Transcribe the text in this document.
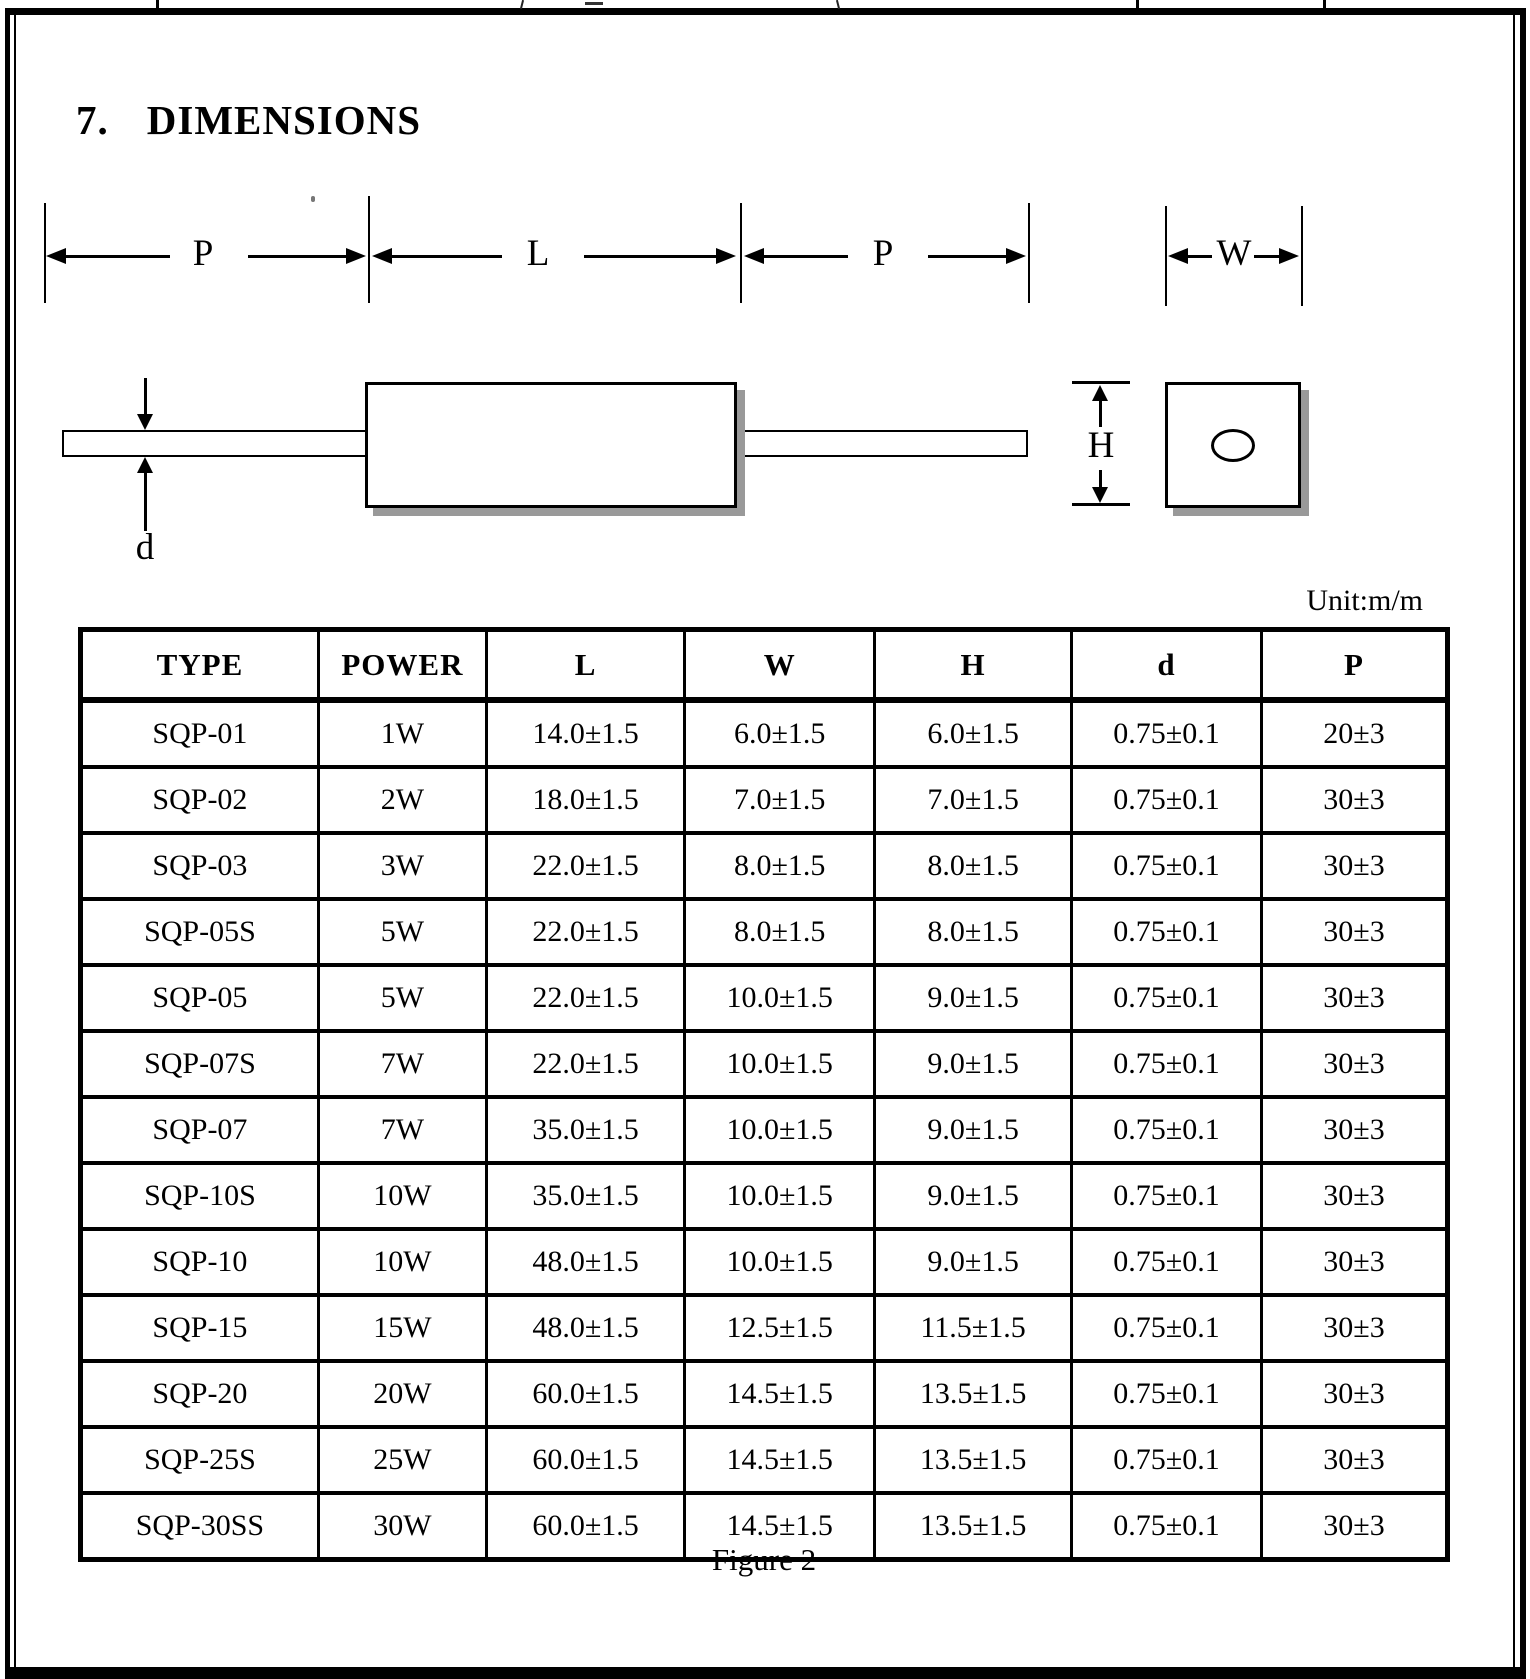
7. DIMENSIONS
P	L	P	W
d
H
Unit:m/m
TYPE	POWER	L	W	H	d	P
SQP-01	1W	14.0±1.5	6.0±1.5	6.0±1.5	0.75±0.1	20±3
SQP-02	2W	18.0±1.5	7.0±1.5	7.0±1.5	0.75±0.1	30±3
SQP-03	3W	22.0±1.5	8.0±1.5	8.0±1.5	0.75±0.1	30±3
SQP-05S	5W	22.0±1.5	8.0±1.5	8.0±1.5	0.75±0.1	30±3
SQP-05	5W	22.0±1.5	10.0±1.5	9.0±1.5	0.75±0.1	30±3
SQP-07S	7W	22.0±1.5	10.0±1.5	9.0±1.5	0.75±0.1	30±3
SQP-07	7W	35.0±1.5	10.0±1.5	9.0±1.5	0.75±0.1	30±3
SQP-10S	10W	35.0±1.5	10.0±1.5	9.0±1.5	0.75±0.1	30±3
SQP-10	10W	48.0±1.5	10.0±1.5	9.0±1.5	0.75±0.1	30±3
SQP-15	15W	48.0±1.5	12.5±1.5	11.5±1.5	0.75±0.1	30±3
SQP-20	20W	60.0±1.5	14.5±1.5	13.5±1.5	0.75±0.1	30±3
SQP-25S	25W	60.0±1.5	14.5±1.5	13.5±1.5	0.75±0.1	30±3
SQP-30SS	30W	60.0±1.5	14.5±1.5	13.5±1.5	0.75±0.1	30±3
Figure 2
